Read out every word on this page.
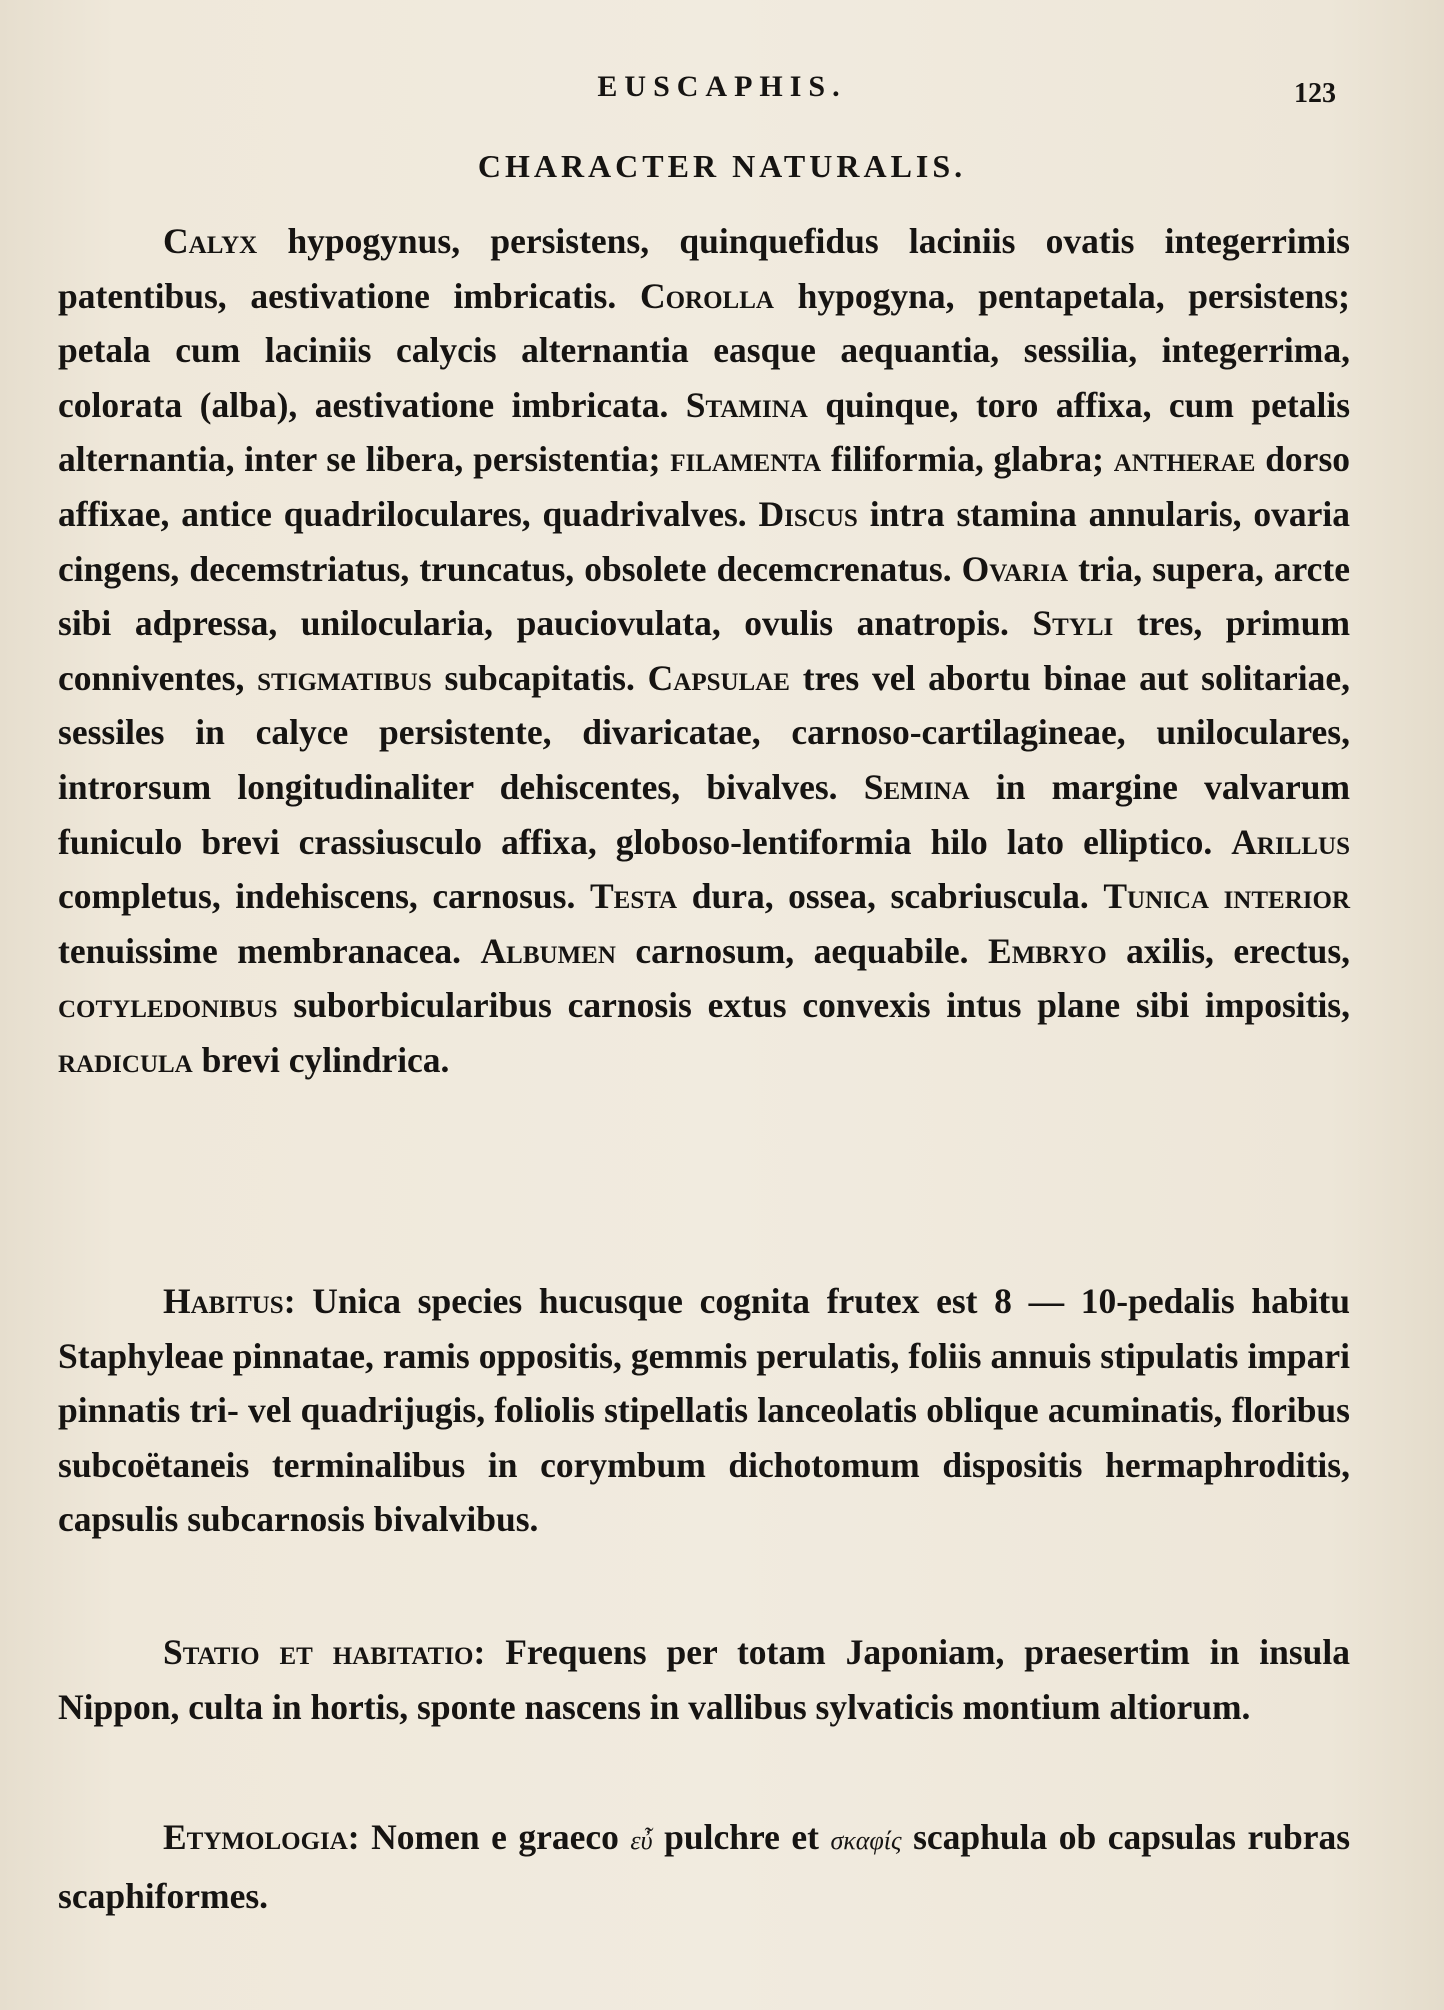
EUSCAPHIS.	123
CHARACTER NATURALIS.

Calyx hypogynus, persistens, quinquefidus laciniis ovatis integerrimis patentibus, aestivatione imbricatis. Corolla hypogyna, pentapetala, persistens; petala cum laciniis calycis alternantia easque aequantia, sessilia, integerrima, colorata (alba), aestivatione imbricata. Stamina quinque, toro affixa, cum petalis alternantia, inter se libera, persistentia; filamenta filiformia, glabra; antherae dorso affixae, antice quadriloculares, quadrivalves. Discus intra stamina annularis, ovaria cingens, decemstriatus, truncatus, obsolete decemcrenatus. Ovaria tria, supera, arcte sibi adpressa, unilocularia, pauciovulata, ovulis anatropis. Styli tres, primum conniventes, stigmatibus subcapitatis. Capsulae tres vel abortu binae aut solitariae, sessiles in calyce persistente, divaricatae, carnoso-cartilagineae, uniloculares, introrsum longitudinaliter dehiscentes, bivalves. Semina in margine valvarum funiculo brevi crassiusculo affixa, globoso-lentiformia hilo lato elliptico. Arillus completus, indehiscens, carnosus. Testa dura, ossea, scabriuscula. Tunica interior tenuissime membranacea. Albumen carnosum, aequabile. Embryo axilis, erectus, cotyledonibus suborbicularibus carnosis extus convexis intus plane sibi impositis, radicula brevi cylindrica.

Habitus: Unica species hucusque cognita frutex est 8 — 10-pedalis habitu Staphyleae pinnatae, ramis oppositis, gemmis perulatis, foliis annuis stipulatis impari pinnatis tri- vel quadrijugis, foliolis stipellatis lanceolatis oblique acuminatis, floribus subcoëtaneis terminalibus in corymbum dichotomum dispositis hermaphroditis, capsulis subcarnosis bivalvibus.

Statio et habitatio: Frequens per totam Japoniam, praesertim in insula Nippon, culta in hortis, sponte nascens in vallibus sylvaticis montium altiorum.

Etymologia: Nomen e graeco εὖ pulchre et σκαφίς scaphula ob capsulas rubras scaphiformes.
